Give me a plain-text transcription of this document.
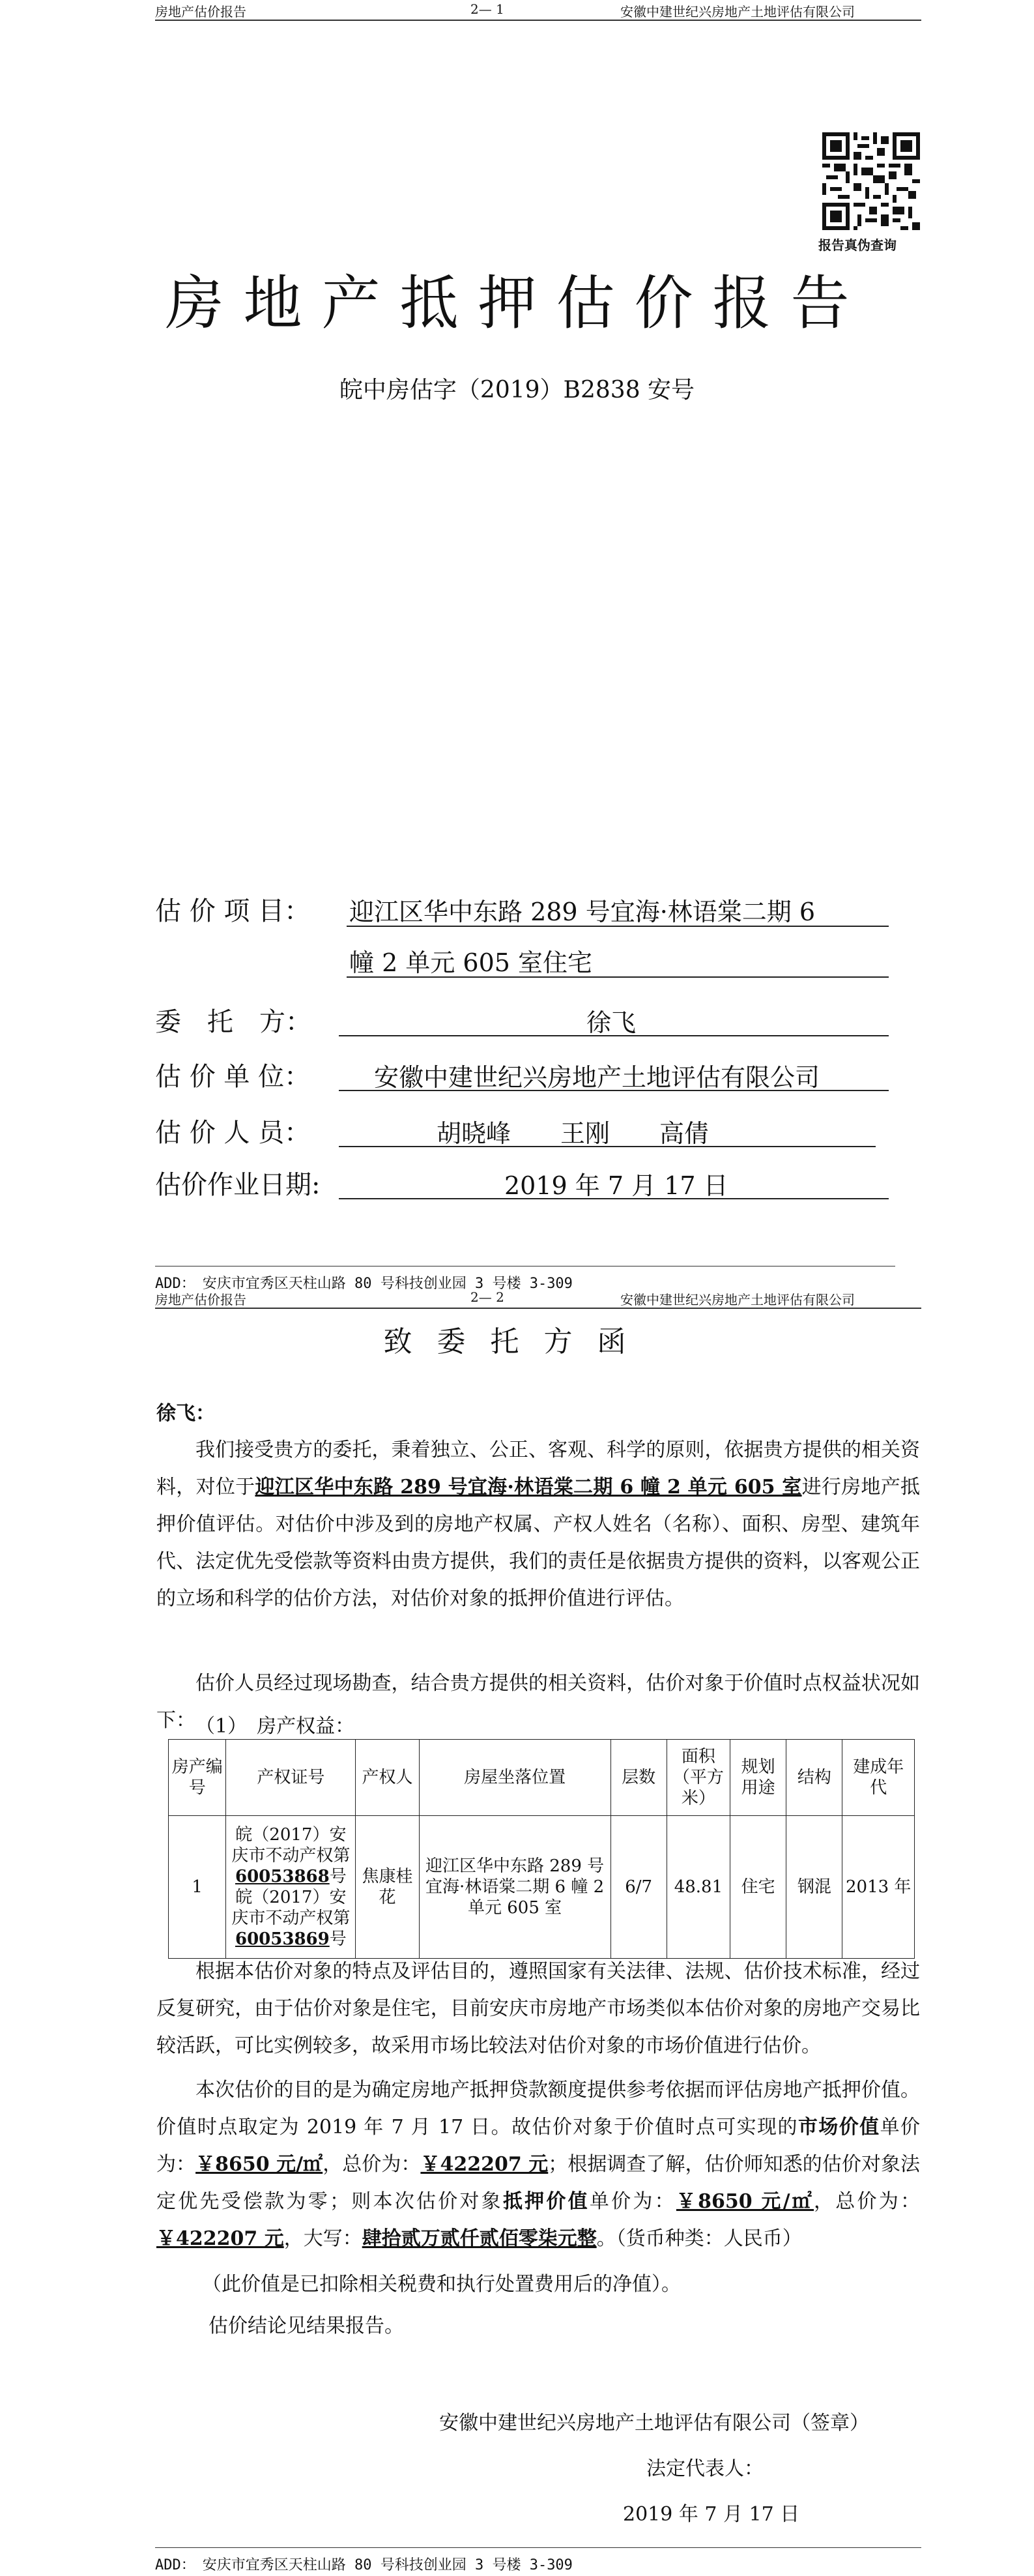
房地产估价报告	2— 1	安徽中建世纪兴房地产土地评估有限公司
报告真伪查询
房地产抵押估价报告
皖中房估字（2019）B2838 安号
估 价 项 目： 迎江区华中东路 289 号宜海·林语棠二期 6
幢 2 单元 605 室住宅
委　托　方：	徐飞
估 价 单 位：	安徽中建世纪兴房地产土地评估有限公司
估 价 人 员：	胡晓峰　　王刚　　高倩
估价作业日期:	2019 年 7 月 17 日
ADD：　安庆市宜秀区天柱山路 80 号科技创业园 3 号楼 3-309
房地产估价报告	2— 2	安徽中建世纪兴房地产土地评估有限公司
致委托方函
徐飞：
我们接受贵方的委托，秉着独立、公正、客观、科学的原则，依据贵方提供的相关资料，对位于迎江区华中东路 289 号宜海·林语棠二期 6 幢 2 单元 605 室进行房地产抵押价值评估。对估价中涉及到的房地产权属、产权人姓名（名称）、面积、房型、建筑年代、法定优先受偿款等资料由贵方提供，我们的责任是依据贵方提供的资料，以客观公正的立场和科学的估价方法，对估价对象的抵押价值进行评估。
估价人员经过现场勘查，结合贵方提供的相关资料，估价对象于价值时点权益状况如下： （1）　房产权益：
房产编号	产权证号	产权人	房屋坐落位置	层数	面积（平方米）	规划用途	结构	建成年代
1	皖（2017）安庆市不动产权第60053868号皖（2017）安庆市不动产权第60053869号	焦康桂花	迎江区华中东路 289 号宜海·林语棠二期 6 幢 2 单元 605 室	6/7	48.81	住宅	钢混	2013 年
根据本估价对象的特点及评估目的，遵照国家有关法律、法规、估价技术标准，经过反复研究，由于估价对象是住宅，目前安庆市房地产市场类似本估价对象的房地产交易比较活跃，可比实例较多，故采用市场比较法对估价对象的市场价值进行估价。
本次估价的目的是为确定房地产抵押贷款额度提供参考依据而评估房地产抵押价值。价值时点取定为 2019 年 7 月 17 日。故估价对象于价值时点可实现的市场价值单价为：￥8650 元/㎡，总价为：￥422207 元；根据调查了解，估价师知悉的估价对象法定优先受偿款为零；则本次估价对象抵押价值单价为：￥8650 元/㎡，总价为：￥422207 元，大写：肆拾贰万贰仟贰佰零柒元整。（货币种类：人民币）
（此价值是已扣除相关税费和执行处置费用后的净值）。
估价结论见结果报告。
安徽中建世纪兴房地产土地评估有限公司（签章）
法定代表人：
2019 年 7 月 17 日
ADD：　安庆市宜秀区天柱山路 80 号科技创业园 3 号楼 3-309
